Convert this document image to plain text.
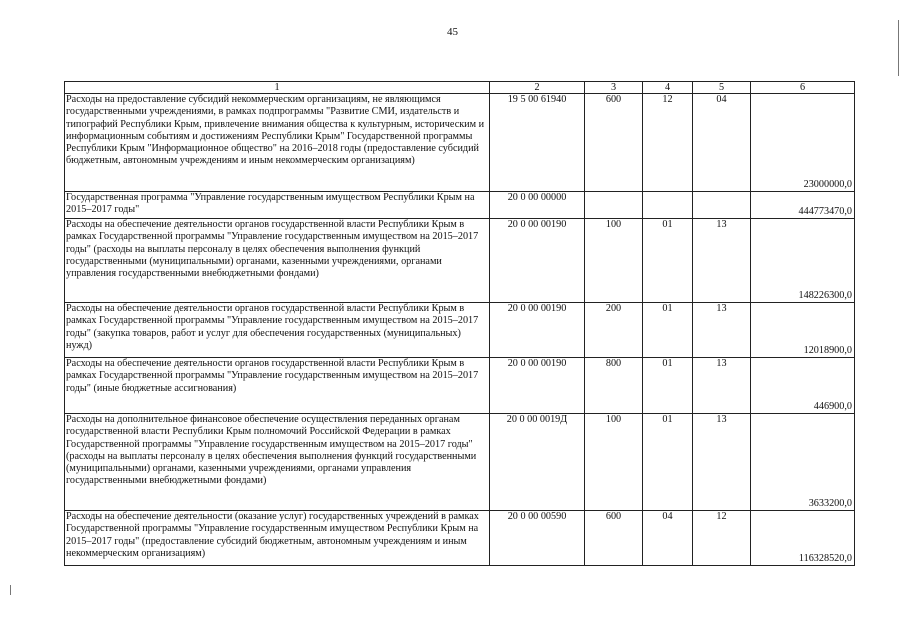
45
1	2	3	4	5	6
Расходы на предоставление субсидий некоммерческим организациям, не являющимся государственными учреждениями, в рамках подпрограммы "Развитие СМИ, издательств и типографий Республики Крым, привлечение внимания общества к культурным, историческим и информационным событиям и достижениям Республики Крым" Государственной программы Республики Крым "Информационное общество" на 2016–2018 годы (предоставление субсидий бюджетным, автономным учреждениям и иным некоммерческим организациям)	19 5 00 61940	600	12	04	23000000,0
Государственная программа "Управление государственным имуществом Республики Крым на 2015–2017 годы"	20 0 00 00000				444773470,0
Расходы на обеспечение деятельности органов государственной власти Республики Крым в рамках Государственной программы "Управление государственным имуществом на 2015–2017 годы" (расходы на выплаты персоналу в целях обеспечения выполнения функций государственными (муниципальными) органами, казенными учреждениями, органами управления государственными внебюджетными фондами)	20 0 00 00190	100	01	13	148226300,0
Расходы на обеспечение деятельности органов государственной власти Республики Крым в рамках Государственной программы "Управление государственным имуществом на 2015–2017 годы" (закупка товаров, работ и услуг для обеспечения государственных (муниципальных) нужд)	20 0 00 00190	200	01	13	12018900,0
Расходы на обеспечение деятельности органов государственной власти Республики Крым в рамках Государственной программы "Управление государственным имуществом на 2015–2017 годы" (иные бюджетные ассигнования)	20 0 00 00190	800	01	13	446900,0
Расходы на дополнительное финансовое обеспечение осуществления переданных органам государственной власти Республики Крым полномочий Российской Федерации в рамках Государственной программы "Управление государственным имуществом на 2015–2017 годы" (расходы на выплаты персоналу в целях обеспечения выполнения функций государственными (муниципальными) органами, казенными учреждениями, органами управления государственными внебюджетными фондами)	20 0 00 0019Д	100	01	13	3633200,0
Расходы на обеспечение деятельности (оказание услуг) государственных учреждений в рамках Государственной программы "Управление государственным имуществом Республики Крым на 2015–2017 годы" (предоставление субсидий бюджетным, автономным учреждениям и иным некоммерческим организациям)	20 0 00 00590	600	04	12	116328520,0
